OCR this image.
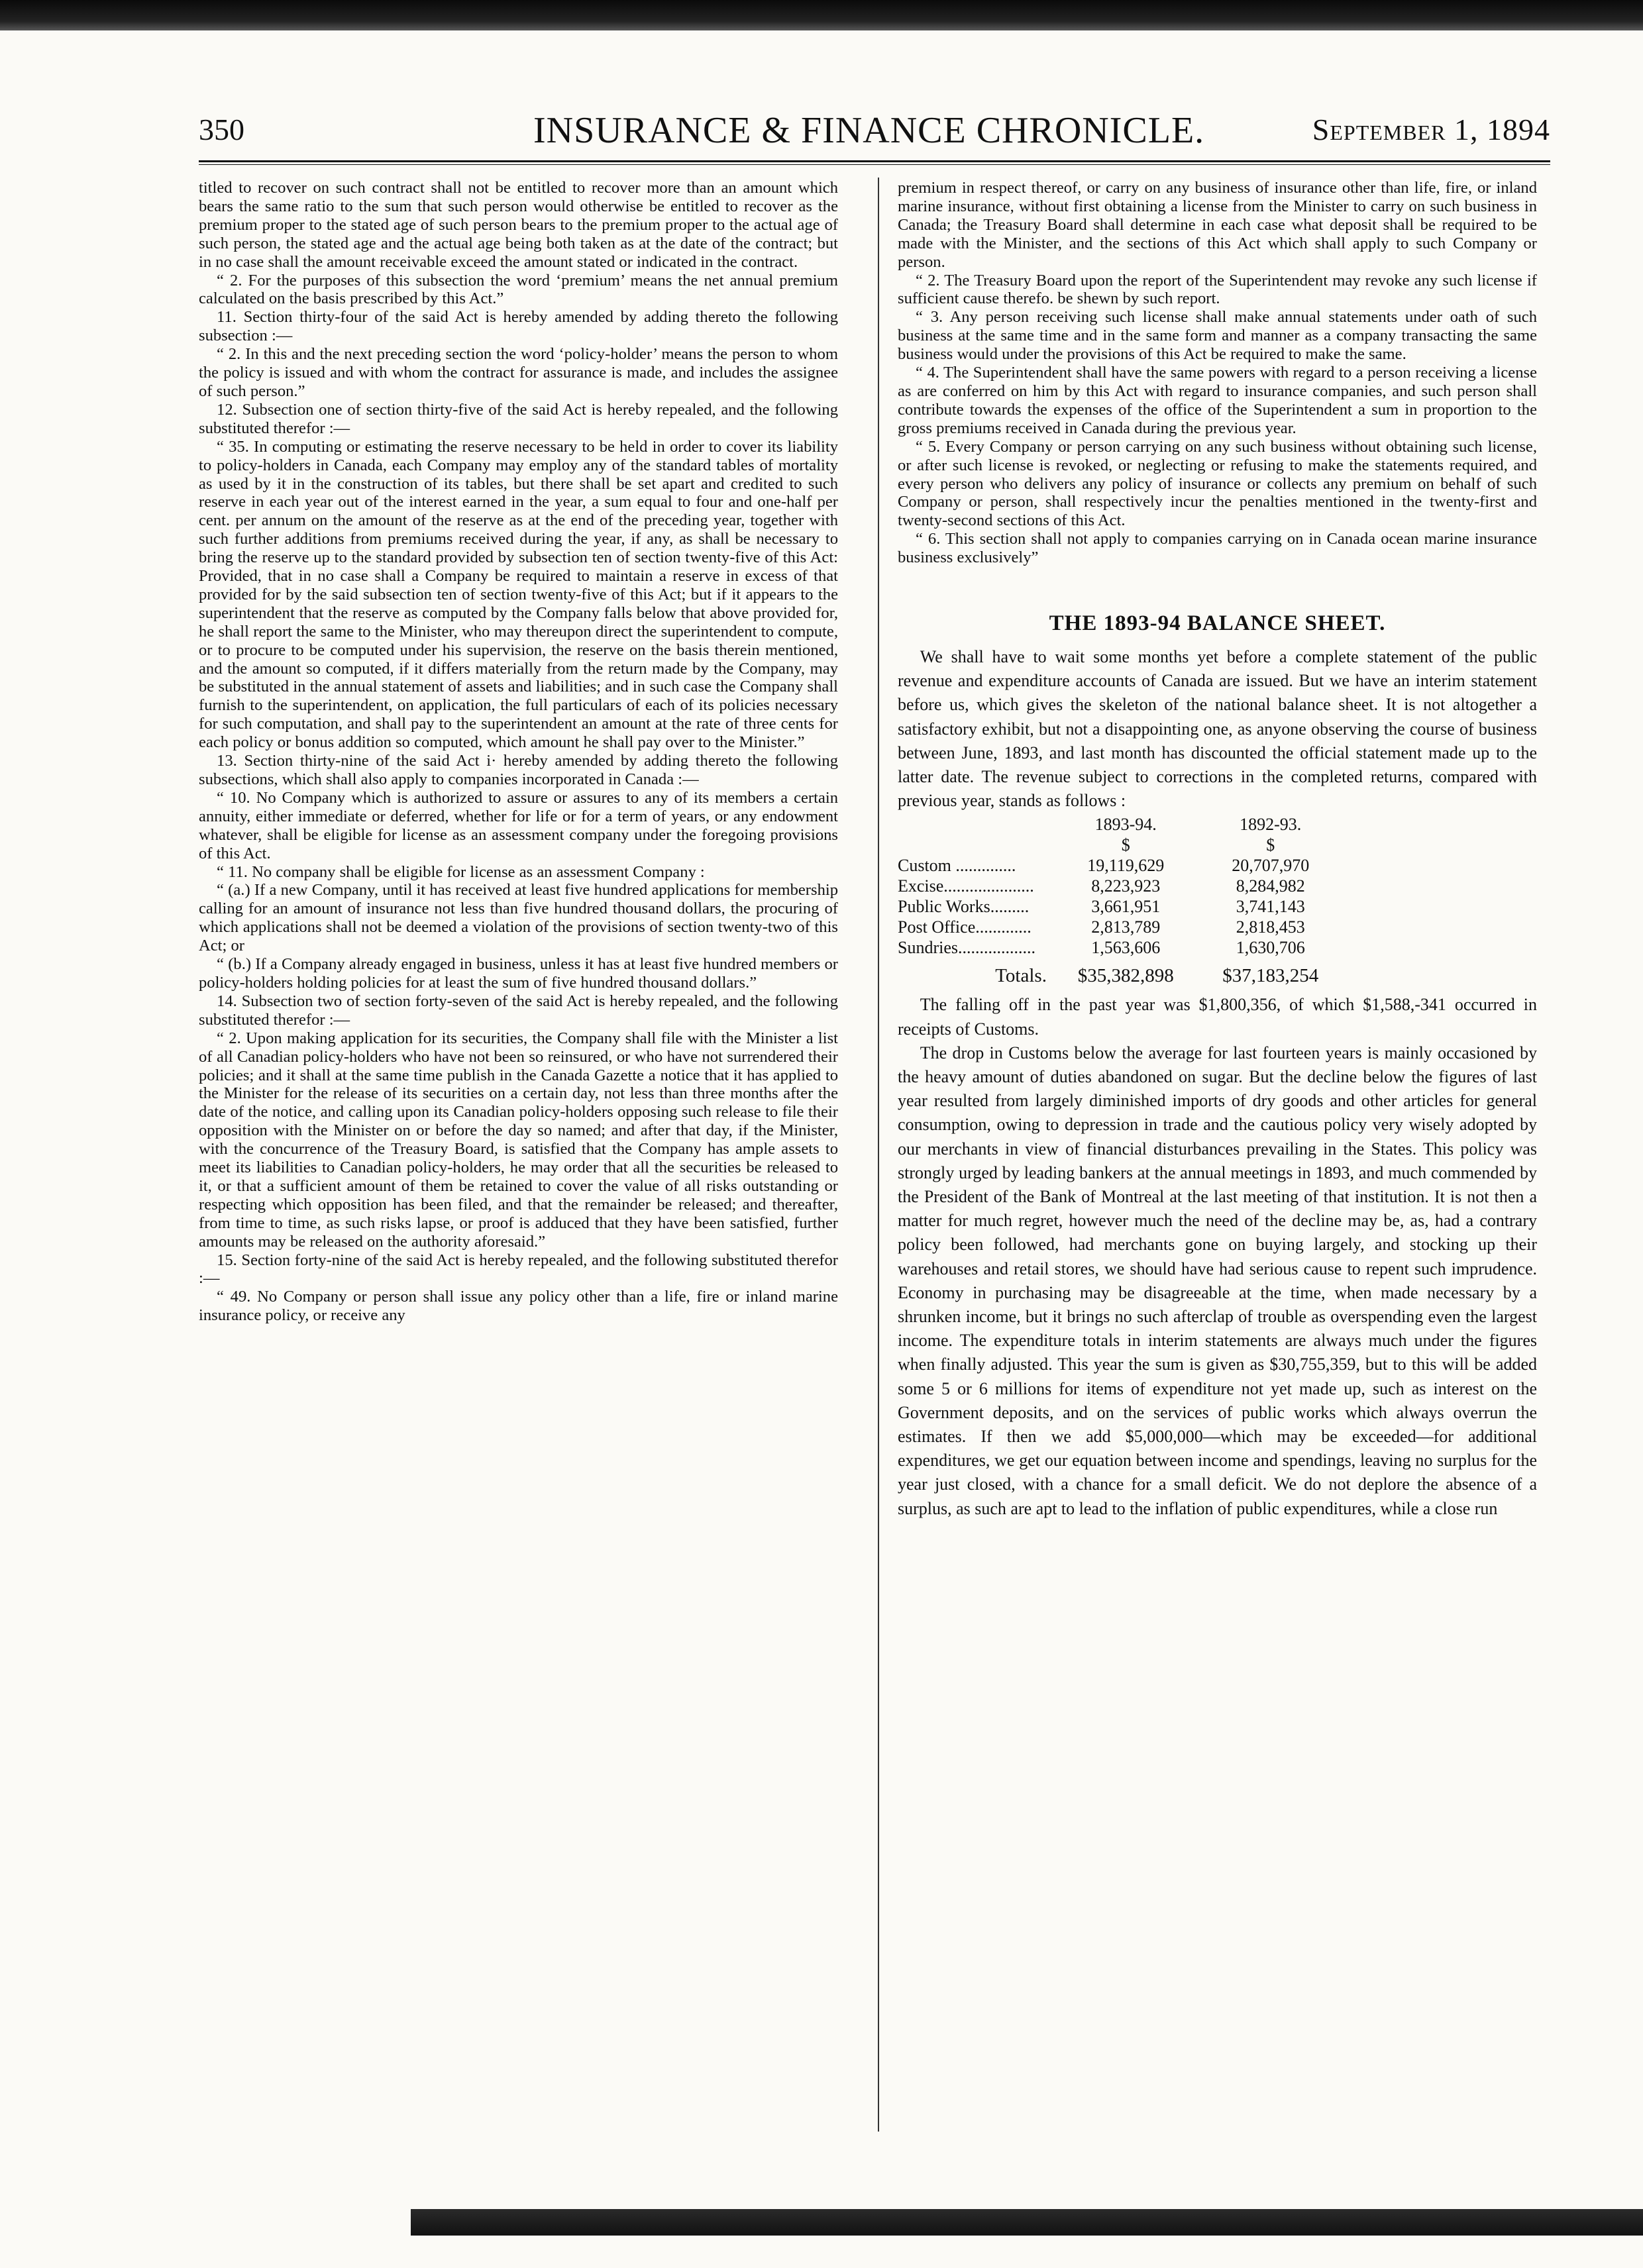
350	INSURANCE & FINANCE CHRONICLE.	September 1, 1894

titled to recover on such contract shall not be entitled to recover more than an amount which bears the same ratio to the sum that such person would otherwise be entitled to recover as the premium proper to the stated age of such person bears to the premium proper to the actual age of such person, the stated age and the actual age being both taken as at the date of the contract; but in no case shall the amount receivable exceed the amount stated or indicated in the contract.

“ 2. For the purposes of this subsection the word ‘premium’ means the net annual premium calculated on the basis prescribed by this Act.”

11. Section thirty-four of the said Act is hereby amended by adding thereto the following subsection :—

“ 2. In this and the next preceding section the word ‘policy-holder’ means the person to whom the policy is issued and with whom the contract for assurance is made, and includes the assignee of such person.”

12. Subsection one of section thirty-five of the said Act is hereby repealed, and the following substituted therefor :—

“ 35. In computing or estimating the reserve necessary to be held in order to cover its liability to policy-holders in Canada, each Company may employ any of the standard tables of mortality as used by it in the construction of its tables, but there shall be set apart and credited to such reserve in each year out of the interest earned in the year, a sum equal to four and one-half per cent. per annum on the amount of the reserve as at the end of the preceding year, together with such further additions from premiums received during the year, if any, as shall be necessary to bring the reserve up to the standard provided by subsection ten of section twenty-five of this Act: Provided, that in no case shall a Company be required to maintain a reserve in excess of that provided for by the said subsection ten of section twenty-five of this Act; but if it appears to the superintendent that the reserve as computed by the Company falls below that above provided for, he shall report the same to the Minister, who may thereupon direct the superintendent to compute, or to procure to be computed under his supervision, the reserve on the basis therein mentioned, and the amount so computed, if it differs materially from the return made by the Company, may be substituted in the annual statement of assets and liabilities; and in such case the Company shall furnish to the superintendent, on application, the full particulars of each of its policies necessary for such computation, and shall pay to the superintendent an amount at the rate of three cents for each policy or bonus addition so computed, which amount he shall pay over to the Minister.”

13. Section thirty-nine of the said Act i· hereby amended by adding thereto the following subsections, which shall also apply to companies incorporated in Canada :—

“ 10. No Company which is authorized to assure or assures to any of its members a certain annuity, either immediate or deferred, whether for life or for a term of years, or any endowment whatever, shall be eligible for license as an assessment company under the foregoing provisions of this Act.

“ 11. No company shall be eligible for license as an assessment Company :

“ (a.) If a new Company, until it has received at least five hundred applications for membership calling for an amount of insurance not less than five hundred thousand dollars, the procuring of which applications shall not be deemed a violation of the provisions of section twenty-two of this Act; or

“ (b.) If a Company already engaged in business, unless it has at least five hundred members or policy-holders holding policies for at least the sum of five hundred thousand dollars.”

14. Subsection two of section forty-seven of the said Act is hereby repealed, and the following substituted therefor :—

“ 2. Upon making application for its securities, the Company shall file with the Minister a list of all Canadian policy-holders who have not been so reinsured, or who have not surrendered their policies; and it shall at the same time publish in the Canada Gazette a notice that it has applied to the Minister for the release of its securities on a certain day, not less than three months after the date of the notice, and calling upon its Canadian policy-holders opposing such release to file their opposition with the Minister on or before the day so named; and after that day, if the Minister, with the concurrence of the Treasury Board, is satisfied that the Company has ample assets to meet its liabilities to Canadian policy-holders, he may order that all the securities be released to it, or that a sufficient amount of them be retained to cover the value of all risks outstanding or respecting which opposition has been filed, and that the remainder be released; and thereafter, from time to time, as such risks lapse, or proof is adduced that they have been satisfied, further amounts may be released on the authority aforesaid.”

15. Section forty-nine of the said Act is hereby repealed, and the following substituted therefor :—

“ 49. No Company or person shall issue any policy other than a life, fire or inland marine insurance policy, or receive any

premium in respect thereof, or carry on any business of insurance other than life, fire, or inland marine insurance, without first obtaining a license from the Minister to carry on such business in Canada; the Treasury Board shall determine in each case what deposit shall be required to be made with the Minister, and the sections of this Act which shall apply to such Company or person.

“ 2. The Treasury Board upon the report of the Superintendent may revoke any such license if sufficient cause therefo. be shewn by such report.

“ 3. Any person receiving such license shall make annual statements under oath of such business at the same time and in the same form and manner as a company transacting the same business would under the provisions of this Act be required to make the same.

“ 4. The Superintendent shall have the same powers with regard to a person receiving a license as are conferred on him by this Act with regard to insurance companies, and such person shall contribute towards the expenses of the office of the Superintendent a sum in proportion to the gross premiums received in Canada during the previous year.

“ 5. Every Company or person carrying on any such business without obtaining such license, or after such license is revoked, or neglecting or refusing to make the statements required, and every person who delivers any policy of insurance or collects any premium on behalf of such Company or person, shall respectively incur the penalties mentioned in the twenty-first and twenty-second sections of this Act.

“ 6. This section shall not apply to companies carrying on in Canada ocean marine insurance business exclusively”

THE 1893-94 BALANCE SHEET.

We shall have to wait some months yet before a complete statement of the public revenue and expenditure accounts of Canada are issued. But we have an interim statement before us, which gives the skeleton of the national balance sheet. It is not altogether a satisfactory exhibit, but not a disappointing one, as anyone observing the course of business between June, 1893, and last month has discounted the official statement made up to the latter date. The revenue subject to corrections in the completed returns, compared with previous year, stands as follows :

	1893-94.		1892-93.
	$		$
Custom ..............	19,119,629		20,707,970
Excise.....................	8,223,923		8,284,982
Public Works.........	3,661,951		3,741,143
Post Office.............	2,813,789		2,818,453
Sundries..................	1,563,606		1,630,706
Totals.	$35,382,898		$37,183,254

The falling off in the past year was $1,800,356, of which $1,588,-341 occurred in receipts of Customs.

The drop in Customs below the average for last fourteen years is mainly occasioned by the heavy amount of duties abandoned on sugar. But the decline below the figures of last year resulted from largely diminished imports of dry goods and other articles for general consumption, owing to depression in trade and the cautious policy very wisely adopted by our merchants in view of financial disturbances prevailing in the States. This policy was strongly urged by leading bankers at the annual meetings in 1893, and much commended by the President of the Bank of Montreal at the last meeting of that institution. It is not then a matter for much regret, however much the need of the decline may be, as, had a contrary policy been followed, had merchants gone on buying largely, and stocking up their warehouses and retail stores, we should have had serious cause to repent such imprudence. Economy in purchasing may be disagreeable at the time, when made necessary by a shrunken income, but it brings no such afterclap of trouble as overspending even the largest income. The expenditure totals in interim statements are always much under the figures when finally adjusted. This year the sum is given as $30,755,359, but to this will be added some 5 or 6 millions for items of expenditure not yet made up, such as interest on the Government deposits, and on the services of public works which always overrun the estimates. If then we add $5,000,000—which may be exceeded—for additional expenditures, we get our equation between income and spendings, leaving no surplus for the year just closed, with a chance for a small deficit. We do not deplore the absence of a surplus, as such are apt to lead to the inflation of public expenditures, while a close run
